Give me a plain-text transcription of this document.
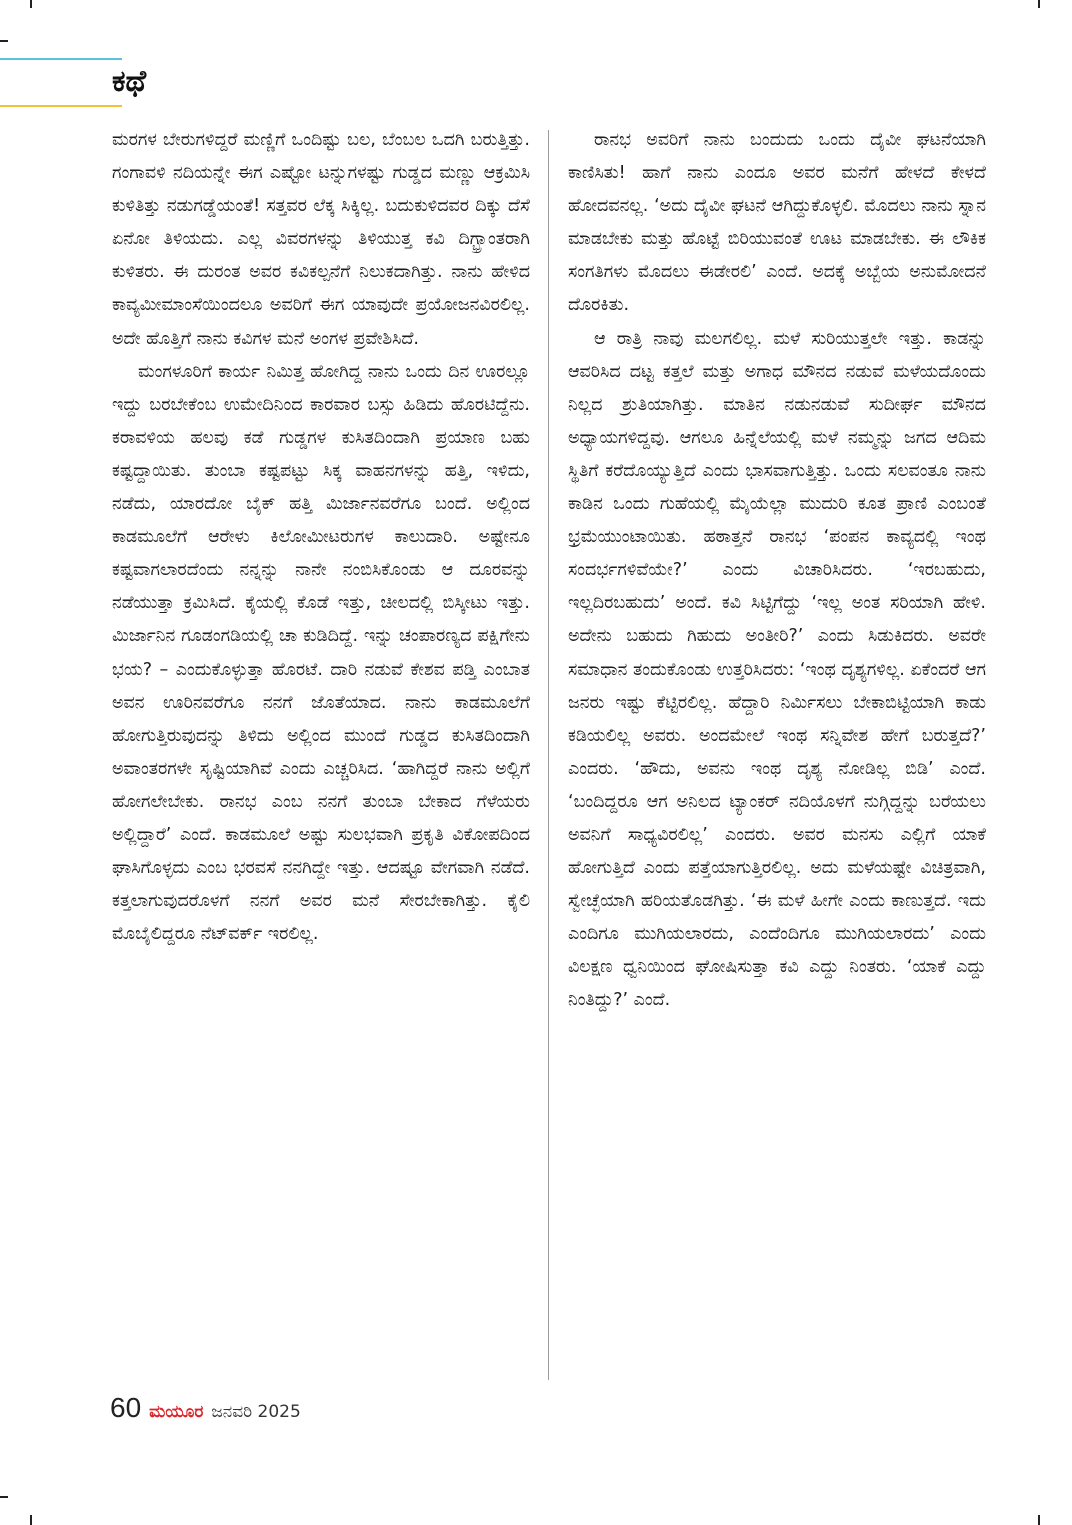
ಕಥೆ

ಮರಗಳ ಬೇರುಗಳಿದ್ದರೆ ಮಣ್ಣಿಗೆ ಒಂದಿಷ್ಟು ಬಲ, ಬೆಂಬಲ ಒದಗಿ ಬರುತ್ತಿತ್ತು. ಗಂಗಾವಳಿ ನದಿಯನ್ನೇ ಈಗ ಎಷ್ಟೋ ಟನ್ನುಗಳಷ್ಟು ಗುಡ್ಡದ ಮಣ್ಣು ಆಕ್ರಮಿಸಿ ಕುಳಿತಿತ್ತು ನಡುಗಡ್ಡೆಯಂತೆ! ಸತ್ತವರ ಲೆಕ್ಕ ಸಿಕ್ಕಿಲ್ಲ. ಬದುಕುಳಿದವರ ದಿಕ್ಕು ದೆಸೆ ಏನೋ ತಿಳಿಯದು. ಎಲ್ಲ ವಿವರಗಳನ್ನು ತಿಳಿಯುತ್ತ ಕವಿ ದಿಗ್ಭ್ರಾಂತರಾಗಿ ಕುಳಿತರು. ಈ ದುರಂತ ಅವರ ಕವಿಕಲ್ಪನೆಗೆ ನಿಲುಕದಾಗಿತ್ತು. ನಾನು ಹೇಳಿದ ಕಾವ್ಯಮೀಮಾಂಸೆಯಿಂದಲೂ ಅವರಿಗೆ ಈಗ ಯಾವುದೇ ಪ್ರಯೋಜನವಿರಲಿಲ್ಲ. ಅದೇ ಹೊತ್ತಿಗೆ ನಾನು ಕವಿಗಳ ಮನೆ ಅಂಗಳ ಪ್ರವೇಶಿಸಿದೆ.

ಮಂಗಳೂರಿಗೆ ಕಾರ್ಯ ನಿಮಿತ್ತ ಹೋಗಿದ್ದ ನಾನು ಒಂದು ದಿನ ಊರಲ್ಲೂ ಇದ್ದು ಬರಬೇಕೆಂಬ ಉಮೇದಿನಿಂದ ಕಾರವಾರ ಬಸ್ಸು ಹಿಡಿದು ಹೊರಟಿದ್ದೆನು. ಕರಾವಳಿಯ ಹಲವು ಕಡೆ ಗುಡ್ಡಗಳ ಕುಸಿತದಿಂದಾಗಿ ಪ್ರಯಾಣ ಬಹು ಕಷ್ಟದ್ದಾಯಿತು. ತುಂಬಾ ಕಷ್ಟಪಟ್ಟು ಸಿಕ್ಕ ವಾಹನಗಳನ್ನು ಹತ್ತಿ, ಇಳಿದು, ನಡೆದು, ಯಾರದೋ ಬೈಕ್ ಹತ್ತಿ ಮಿರ್ಜಾನವರೆಗೂ ಬಂದೆ. ಅಲ್ಲಿಂದ ಕಾಡಮೂಲೆಗೆ ಆರೇಳು ಕಿಲೋಮೀಟರುಗಳ ಕಾಲುದಾರಿ. ಅಷ್ಟೇನೂ ಕಷ್ಟವಾಗಲಾರದೆಂದು ನನ್ನನ್ನು ನಾನೇ ನಂಬಿಸಿಕೊಂಡು ಆ ದೂರವನ್ನು ನಡೆಯುತ್ತಾ ಕ್ರಮಿಸಿದೆ. ಕೈಯಲ್ಲಿ ಕೊಡೆ ಇತ್ತು, ಚೀಲದಲ್ಲಿ ಬಿಸ್ಕೀಟು ಇತ್ತು. ಮಿರ್ಜಾನಿನ ಗೂಡಂಗಡಿಯಲ್ಲಿ ಚಾ ಕುಡಿದಿದ್ದೆ. ಇನ್ನು ಚಂಪಾರಣ್ಯದ ಪಕ್ಷಿಗೇನು ಭಯ? – ಎಂದುಕೊಳ್ಳುತ್ತಾ ಹೊರಟೆ. ದಾರಿ ನಡುವೆ ಕೇಶವ ಪಡ್ತಿ ಎಂಬಾತ ಅವನ ಊರಿನವರೆಗೂ ನನಗೆ ಜೊತೆಯಾದ. ನಾನು ಕಾಡಮೂಲೆಗೆ ಹೋಗುತ್ತಿರುವುದನ್ನು ತಿಳಿದು ಅಲ್ಲಿಂದ ಮುಂದೆ ಗುಡ್ಡದ ಕುಸಿತದಿಂದಾಗಿ ಅವಾಂತರಗಳೇ ಸೃಷ್ಟಿಯಾಗಿವೆ ಎಂದು ಎಚ್ಚರಿಸಿದ. ‘ಹಾಗಿದ್ದರೆ ನಾನು ಅಲ್ಲಿಗೆ ಹೋಗಲೇಬೇಕು. ರಾನಭ ಎಂಬ ನನಗೆ ತುಂಬಾ ಬೇಕಾದ ಗೆಳೆಯರು ಅಲ್ಲಿದ್ದಾರೆ’ ಎಂದೆ. ಕಾಡಮೂಲೆ ಅಷ್ಟು ಸುಲಭವಾಗಿ ಪ್ರಕೃತಿ ವಿಕೋಪದಿಂದ ಘಾಸಿಗೊಳ್ಳದು ಎಂಬ ಭರವಸೆ ನನಗಿದ್ದೇ ಇತ್ತು. ಆದಷ್ಟೂ ವೇಗವಾಗಿ ನಡೆದೆ. ಕತ್ತಲಾಗುವುದರೊಳಗೆ ನನಗೆ ಅವರ ಮನೆ ಸೇರಬೇಕಾಗಿತ್ತು. ಕೈಲಿ ಮೊಬೈಲಿದ್ದರೂ ನೆಟ್‌ವರ್ಕ್ ಇರಲಿಲ್ಲ.

ರಾನಭ ಅವರಿಗೆ ನಾನು ಬಂದುದು ಒಂದು ದೈವೀ ಘಟನೆಯಾಗಿ ಕಾಣಿಸಿತು! ಹಾಗೆ ನಾನು ಎಂದೂ ಅವರ ಮನೆಗೆ ಹೇಳದೆ ಕೇಳದೆ ಹೋದವನಲ್ಲ. ‘ಅದು ದೈವೀ ಘಟನೆ ಆಗಿದ್ದುಕೊಳ್ಳಲಿ. ಮೊದಲು ನಾನು ಸ್ನಾನ ಮಾಡಬೇಕು ಮತ್ತು ಹೊಟ್ಟೆ ಬಿರಿಯುವಂತೆ ಊಟ ಮಾಡಬೇಕು. ಈ ಲೌಕಿಕ ಸಂಗತಿಗಳು ಮೊದಲು ಈಡೇರಲಿ’ ಎಂದೆ. ಅದಕ್ಕೆ ಅಬ್ಬೆಯ ಅನುಮೋದನೆ ದೊರಕಿತು.

ಆ ರಾತ್ರಿ ನಾವು ಮಲಗಲಿಲ್ಲ. ಮಳೆ ಸುರಿಯುತ್ತಲೇ ಇತ್ತು. ಕಾಡನ್ನು ಆವರಿಸಿದ ದಟ್ಟ ಕತ್ತಲೆ ಮತ್ತು ಅಗಾಧ ಮೌನದ ನಡುವೆ ಮಳೆಯದೊಂದು ನಿಲ್ಲದ ಶ್ರುತಿಯಾಗಿತ್ತು. ಮಾತಿನ ನಡುನಡುವೆ ಸುದೀರ್ಘ ಮೌನದ ಅಧ್ಯಾಯಗಳಿದ್ದವು. ಆಗಲೂ ಹಿನ್ನೆಲೆಯಲ್ಲಿ ಮಳೆ ನಮ್ಮನ್ನು ಜಗದ ಆದಿಮ ಸ್ಥಿತಿಗೆ ಕರೆದೊಯ್ಯುತ್ತಿದೆ ಎಂದು ಭಾಸವಾಗುತ್ತಿತ್ತು. ಒಂದು ಸಲವಂತೂ ನಾನು ಕಾಡಿನ ಒಂದು ಗುಹೆಯಲ್ಲಿ ಮೈಯೆಲ್ಲಾ ಮುದುರಿ ಕೂತ ಪ್ರಾಣಿ ಎಂಬಂತೆ ಭ್ರಮೆಯುಂಟಾಯಿತು. ಹಠಾತ್ತನೆ ರಾನಭ ‘ಪಂಪನ ಕಾವ್ಯದಲ್ಲಿ ಇಂಥ ಸಂದರ್ಭಗಳಿವೆಯೇ?’ ಎಂದು ವಿಚಾರಿಸಿದರು. ‘ಇರಬಹುದು, ಇಲ್ಲದಿರಬಹುದು’ ಅಂದೆ. ಕವಿ ಸಿಟ್ಟಿಗೆದ್ದು ‘ಇಲ್ಲ ಅಂತ ಸರಿಯಾಗಿ ಹೇಳಿ. ಅದೇನು ಬಹುದು ಗಿಹುದು ಅಂತೀರಿ?’ ಎಂದು ಸಿಡುಕಿದರು. ಅವರೇ ಸಮಾಧಾನ ತಂದುಕೊಂಡು ಉತ್ತರಿಸಿದರು: ‘ಇಂಥ ದೃಶ್ಯಗಳಿಲ್ಲ. ಏಕೆಂದರೆ ಆಗ ಜನರು ಇಷ್ಟು ಕೆಟ್ಟಿರಲಿಲ್ಲ. ಹೆದ್ದಾರಿ ನಿರ್ಮಿಸಲು ಬೇಕಾಬಿಟ್ಟಿಯಾಗಿ ಕಾಡು ಕಡಿಯಲಿಲ್ಲ ಅವರು. ಅಂದಮೇಲೆ ಇಂಥ ಸನ್ನಿವೇಶ ಹೇಗೆ ಬರುತ್ತದೆ?’ ಎಂದರು. ‘ಹೌದು, ಅವನು ಇಂಥ ದೃಶ್ಯ ನೋಡಿಲ್ಲ ಬಿಡಿ’ ಎಂದೆ. ‘ಬಂದಿದ್ದರೂ ಆಗ ಅನಿಲದ ಟ್ಯಾಂಕರ್ ನದಿಯೊಳಗೆ ನುಗ್ಗಿದ್ದನ್ನು ಬರೆಯಲು ಅವನಿಗೆ ಸಾಧ್ಯವಿರಲಿಲ್ಲ’ ಎಂದರು. ಅವರ ಮನಸು ಎಲ್ಲಿಗೆ ಯಾಕೆ ಹೋಗುತ್ತಿದೆ ಎಂದು ಪತ್ತೆಯಾಗುತ್ತಿರಲಿಲ್ಲ. ಅದು ಮಳೆಯಷ್ಟೇ ವಿಚಿತ್ರವಾಗಿ, ಸ್ವೇಚ್ಛೆಯಾಗಿ ಹರಿಯತೊಡಗಿತ್ತು. ‘ಈ ಮಳೆ ಹೀಗೇ ಎಂದು ಕಾಣುತ್ತದೆ. ಇದು ಎಂದಿಗೂ ಮುಗಿಯಲಾರದು, ಎಂದೆಂದಿಗೂ ಮುಗಿಯಲಾರದು’ ಎಂದು ವಿಲಕ್ಷಣ ಧ್ವನಿಯಿಂದ ಘೋಷಿಸುತ್ತಾ ಕವಿ ಎದ್ದು ನಿಂತರು. ‘ಯಾಕೆ ಎದ್ದು ನಿಂತಿದ್ದು?’ ಎಂದೆ.

60 ಮಯೂರ ಜನವರಿ 2025
